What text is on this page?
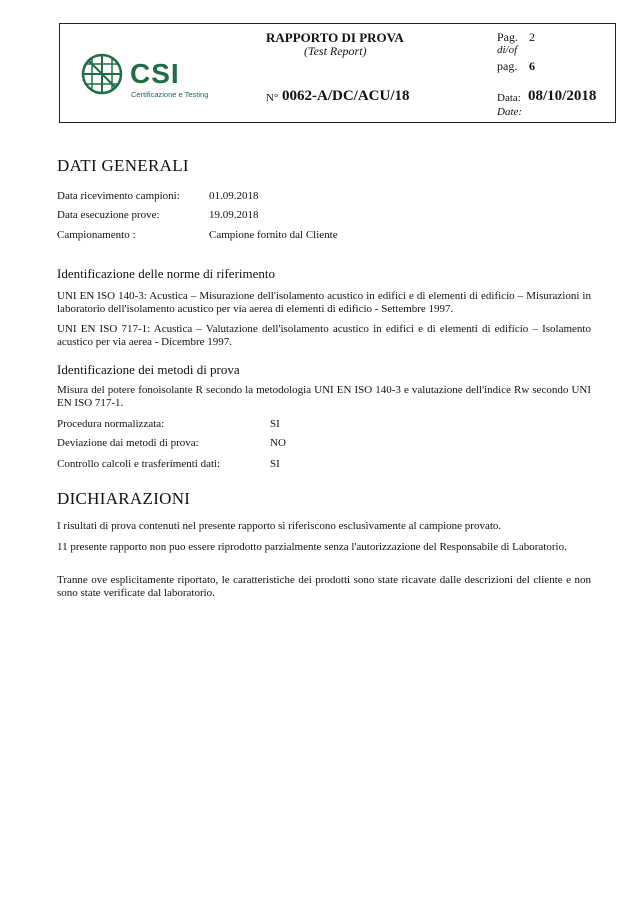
CSI
Certificazione e Testing
RAPPORTO DI PROVA
(Test Report)
N° 0062-A/DC/ACU/18
Pag. 2
di/of
pag. 6
Data: 08/10/2018
Date:
DATI GENERALI
Data ricevimento campioni:	01.09.2018
Data esecuzione prove:	19.09.2018
Campionamento :	Campione fornito dal Cliente
Identificazione delle norme di riferimento
UNI EN ISO 140-3: Acustica – Misurazione dell'isolamento acustico in edifici e di elementi di edificio – Misurazioni in laboratorio dell'isolamento acustico per via aerea di elementi di edificio - Settembre 1997.
UNI EN ISO 717-1: Acustica – Valutazione dell'isolamento acustico in edifici e di elementi di edificio – Isolamento acustico per via aerea - Dicembre 1997.
Identificazione dei metodi di prova
Misura del potere fonoisolante R secondo la metodologia UNI EN ISO 140-3 e valutazione dell'indice Rw secondo UNI EN ISO 717-1.
Procedura normalizzata:	SI
Deviazione dai metodi di prova:	NO
Controllo calcoli e trasferimenti dati:	SI
DICHIARAZIONI
I risultati di prova contenuti nel presente rapporto si riferiscono esclusivamente al campione provato.
11 presente rapporto non puo essere riprodotto parzialmente senza l'autorizzazione del Responsabile di Laboratorio.
Tranne ove esplicitamente riportato, le caratteristiche dei prodotti sono state ricavate dalle descrizioni del cliente e non sono state verificate dal laboratorio.
